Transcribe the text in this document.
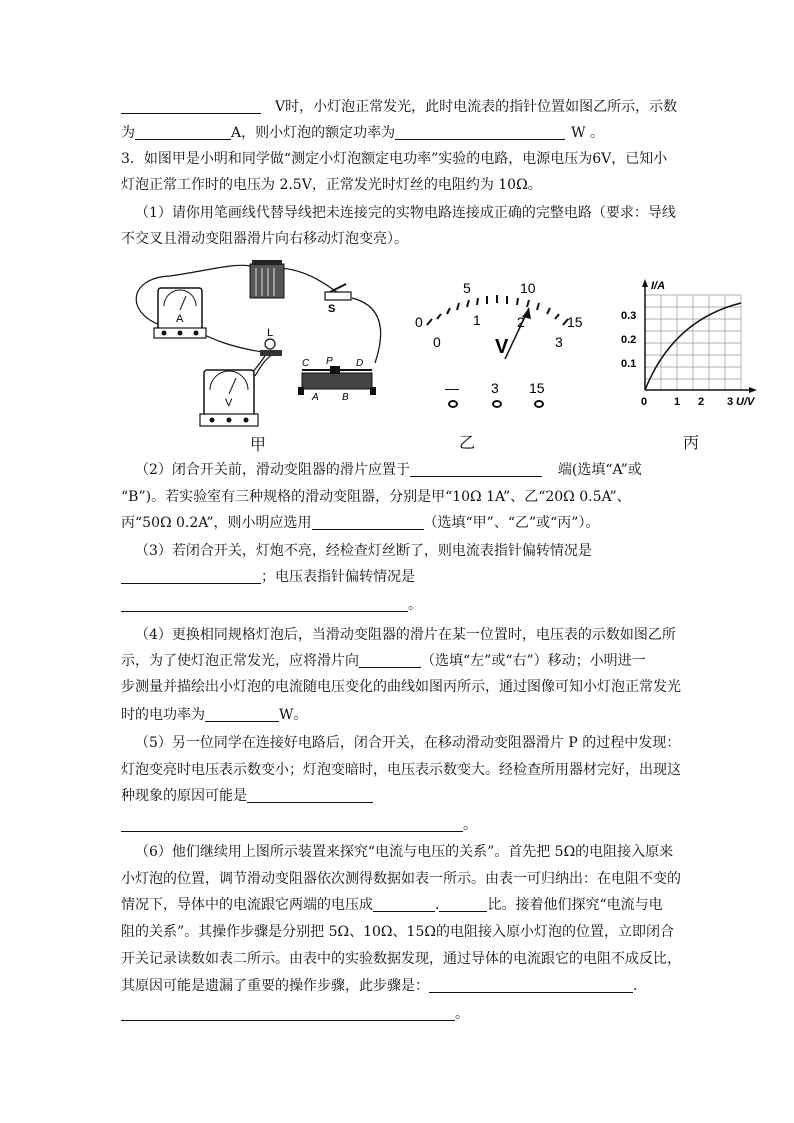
V时，小灯泡正常发光，此时电流表的指针位置如图乙所示，示数
为	A，则小灯泡的额定功率为	W 。
3．如图甲是小明和同学做“测定小灯泡额定电功率”实验的电路，电源电压为6V，已知小
灯泡正常工作时的电压为 2.5V，正常发光时灯丝的电阻约为 10Ω。
（1）请你用笔画线代替导线把未连接完的实物电路连接成正确的完整电路（要求：导线
不交叉且滑动变阻器滑片向右移动灯泡变亮）。
A
S
L
V
C P D
A B
甲
0
5	10
15
0
1	2
3
V
— 3 15
乙
I/A
0.3
0.2
0.1
0 1 2 3 U/V
丙
（2）闭合开关前，滑动变阻器的滑片应置于	端(选填“A”或
“B”)。若实验室有三种规格的滑动变阻器，分别是甲“10Ω 1A”、乙“20Ω 0.5A”、
丙“50Ω 0.2A”，则小明应选用	（选填“甲”、“乙”或“丙”）。
（3）若闭合开关，灯炮不亮，经检查灯丝断了，则电流表指针偏转情况是
；电压表指针偏转情况是
。
（4）更换相同规格灯泡后，当滑动变阻器的滑片在某一位置时，电压表的示数如图乙所
示，为了使灯泡正常发光，应将滑片向	（选填“左”或“右”）移动；小明进一
步测量并描绘出小灯泡的电流随电压变化的曲线如图丙所示，通过图像可知小灯泡正常发光
时的电功率为	W。
（5）另一位同学在连接好电路后，闭合开关，在移动滑动变阻器滑片 P 的过程中发现：
灯泡变亮时电压表示数变小；灯泡变暗时，电压表示数变大。经检查所用器材完好，出现这
种现象的原因可能是
。
（6）他们继续用上图所示装置来探究“电流与电压的关系”。首先把 5Ω的电阻接入原来
小灯泡的位置，调节滑动变阻器依次测得数据如表一所示。由表一可归纳出：在电阻不变的
情况下，导体中的电流跟它两端的电压成	.	比。接着他们探究“电流与电
阻的关系”。其操作步骤是分别把 5Ω、10Ω、15Ω的电阻接入原小灯泡的位置，立即闭合
开关记录读数如表二所示。由表中的实验数据发现，通过导体的电流跟它的电阻不成反比，
其原因可能是遗漏了重要的操作步骤，此步骤是：	.
。
